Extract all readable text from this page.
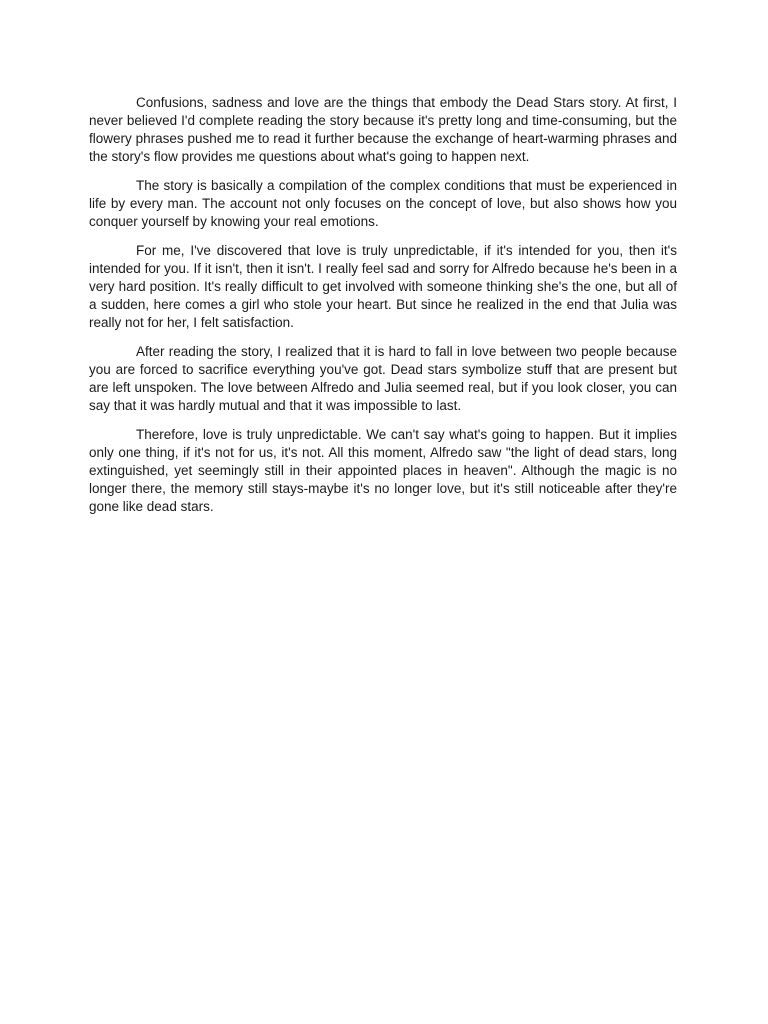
Confusions, sadness and love are the things that embody the Dead Stars story. At first, I never believed I'd complete reading the story because it's pretty long and time-consuming, but the flowery phrases pushed me to read it further because the exchange of heart-warming phrases and the story's flow provides me questions about what's going to happen next.

The story is basically a compilation of the complex conditions that must be experienced in life by every man. The account not only focuses on the concept of love, but also shows how you conquer yourself by knowing your real emotions.

For me, I've discovered that love is truly unpredictable, if it's intended for you, then it's intended for you. If it isn't, then it isn't. I really feel sad and sorry for Alfredo because he's been in a very hard position. It's really difficult to get involved with someone thinking she's the one, but all of a sudden, here comes a girl who stole your heart. But since he realized in the end that Julia was really not for her, I felt satisfaction.

After reading the story, I realized that it is hard to fall in love between two people because you are forced to sacrifice everything you've got. Dead stars symbolize stuff that are present but are left unspoken. The love between Alfredo and Julia seemed real, but if you look closer, you can say that it was hardly mutual and that it was impossible to last.

Therefore, love is truly unpredictable. We can't say what's going to happen. But it implies only one thing, if it's not for us, it's not. All this moment, Alfredo saw "the light of dead stars, long extinguished, yet seemingly still in their appointed places in heaven". Although the magic is no longer there, the memory still stays-maybe it's no longer love, but it's still noticeable after they're gone like dead stars.
